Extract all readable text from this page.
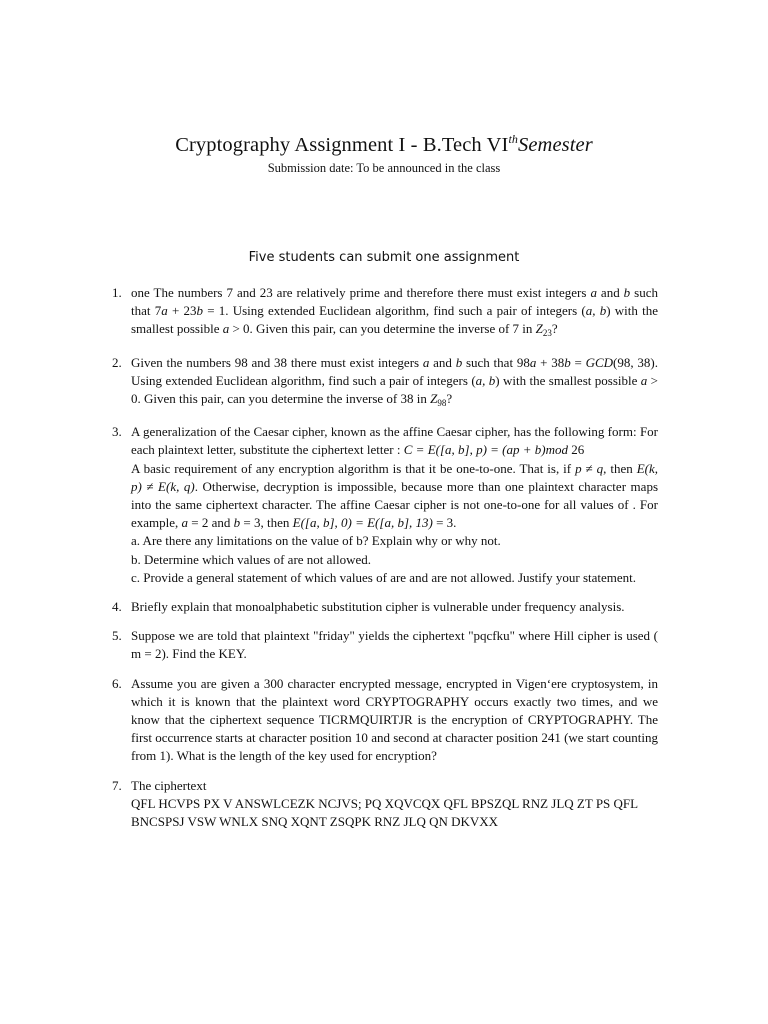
Cryptography Assignment I - B.Tech VIthSemester
Submission date: To be announced in the class
Five students can submit one assignment
1. one The numbers 7 and 23 are relatively prime and therefore there must exist integers a and b such that 7a + 23b = 1. Using extended Euclidean algorithm, find such a pair of integers (a, b) with the smallest possible a > 0. Given this pair, can you determine the inverse of 7 in $Z_{23}$?
2. Given the numbers 98 and 38 there must exist integers a and b such that 98a + 38b = GCD(98, 38). Using extended Euclidean algorithm, find such a pair of integers (a, b) with the smallest possible a > 0. Given this pair, can you determine the inverse of 38 in $Z_{98}$?
3. A generalization of the Caesar cipher, known as the affine Caesar cipher, has the following form: For each plaintext letter, substitute the ciphertext letter : C = E([a, b], p) = (ap + b)mod 26
A basic requirement of any encryption algorithm is that it be one-to-one. That is, if p ≠ q, then E(k, p) ≠ E(k, q). Otherwise, decryption is impossible, because more than one plaintext character maps into the same ciphertext character. The affine Caesar cipher is not one-to-one for all values of . For example, a = 2 and b = 3, then E([a, b], 0) = E([a, b], 13) = 3.
a. Are there any limitations on the value of b? Explain why or why not.
b. Determine which values of are not allowed.
c. Provide a general statement of which values of are and are not allowed. Justify your statement.
4. Briefly explain that monoalphabetic substitution cipher is vulnerable under frequency analysis.
5. Suppose we are told that plaintext "friday" yields the ciphertext "pqcfku" where Hill cipher is used ( m = 2). Find the KEY.
6. Assume you are given a 300 character encrypted message, encrypted in Vigen‘ere cryptosystem, in which it is known that the plaintext word CRYPTOGRAPHY occurs exactly two times, and we know that the ciphertext sequence TICRMQUIRTJR is the encryption of CRYPTOGRAPHY. The first occurrence starts at character position 10 and second at character position 241 (we start counting from 1). What is the length of the key used for encryption?
7. The ciphertext
QFL HCVPS PX V ANSWLCEZK NCJVS; PQ XQVCQX QFL BPSZQL RNZ JLQ ZT PS QFL BNCSPSJ VSW WNLX SNQ XQNT ZSQPK RNZ JLQ QN DKVXX
